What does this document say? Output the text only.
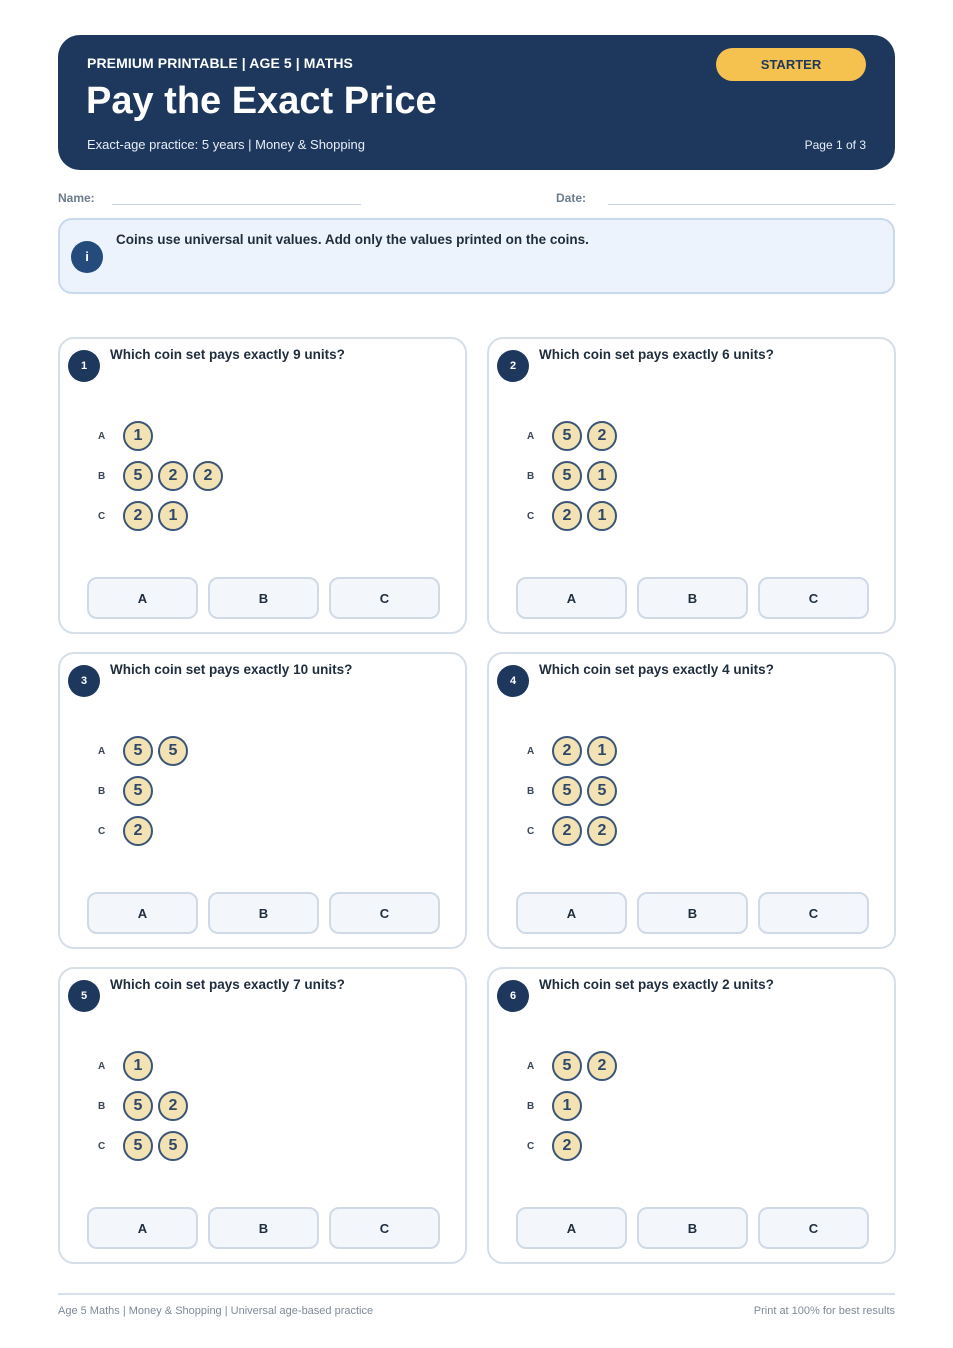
PREMIUM PRINTABLE | AGE 5 | MATHS
Pay the Exact Price
Exact-age practice: 5 years | Money & Shopping	Page 1 of 3
STARTER
Name:	Date:
i
Coins use universal unit values. Add only the values printed on the coins.
1
Which coin set pays exactly 9 units?
A	1
B	5	2	2
C	2	1
A	B	C
2
Which coin set pays exactly 6 units?
A	5	2
B	5	1
C	2	1
A	B	C
3
Which coin set pays exactly 10 units?
A	5	5
B	5
C	2
A	B	C
4
Which coin set pays exactly 4 units?
A	2	1
B	5	5
C	2	2
A	B	C
5
Which coin set pays exactly 7 units?
A	1
B	5	2
C	5	5
A	B	C
6
Which coin set pays exactly 2 units?
A	5	2
B	1
C	2
A	B	C
Age 5 Maths | Money & Shopping | Universal age-based practice	Print at 100% for best results
